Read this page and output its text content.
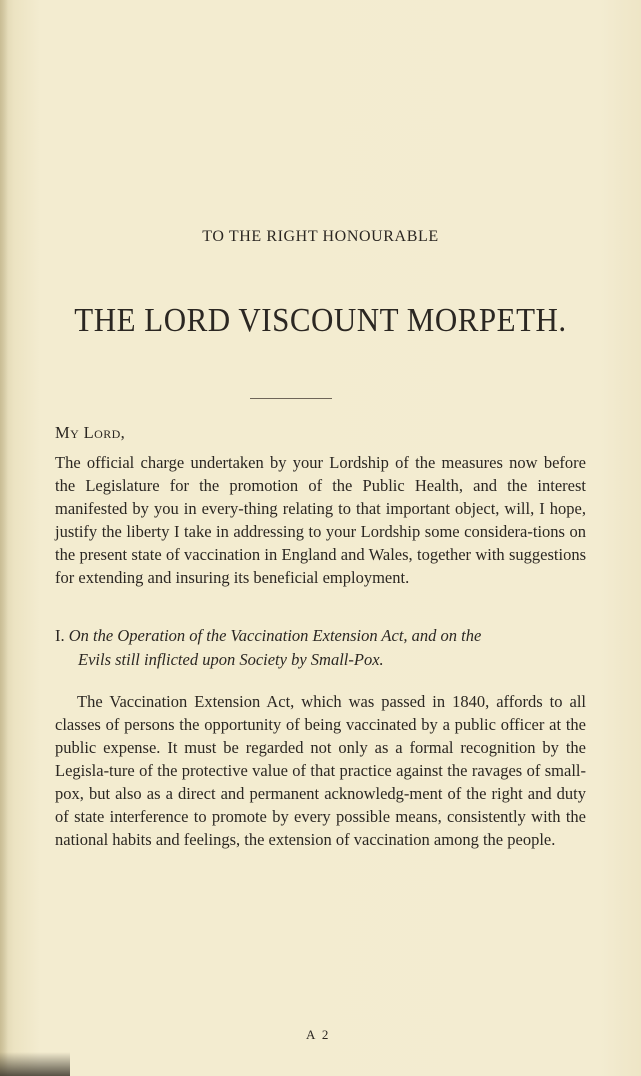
TO THE RIGHT HONOURABLE
THE LORD VISCOUNT MORPETH.
My Lord,

The official charge undertaken by your Lordship of the measures now before the Legislature for the promotion of the Public Health, and the interest manifested by you in every-thing relating to that important object, will, I hope, justify the liberty I take in addressing to your Lordship some considera-tions on the present state of vaccination in England and Wales, together with suggestions for extending and insuring its beneficial employment.

I. On the Operation of the Vaccination Extension Act, and on the
Evils still inflicted upon Society by Small-Pox.

The Vaccination Extension Act, which was passed in 1840, affords to all classes of persons the opportunity of being vaccinated by a public officer at the public expense. It must be regarded not only as a formal recognition by the Legisla-ture of the protective value of that practice against the ravages of small-pox, but also as a direct and permanent acknowledg-ment of the right and duty of state interference to promote by every possible means, consistently with the national habits and feelings, the extension of vaccination among the people.

A 2
